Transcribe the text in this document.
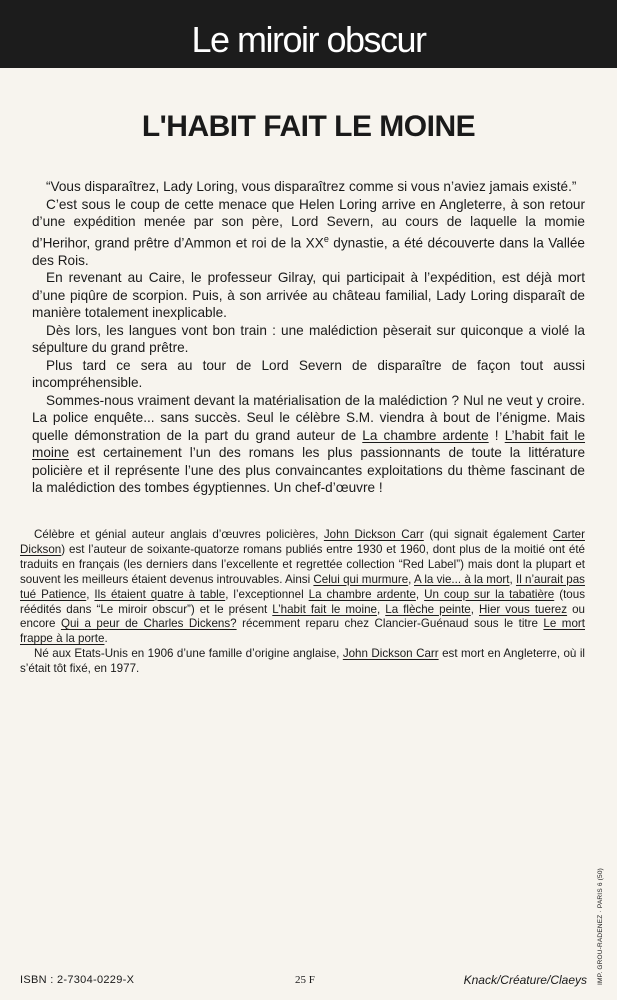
Le miroir obscur
L'HABIT FAIT LE MOINE

“Vous disparaîtrez, Lady Loring, vous disparaîtrez comme si vous n’aviez jamais existé.”

C’est sous le coup de cette menace que Helen Loring arrive en Angleterre, à son retour d’une expédition menée par son père, Lord Severn, au cours de laquelle la momie d’Herihor, grand prêtre d’Ammon et roi de la XXe dynastie, a été découverte dans la Vallée des Rois.

En revenant au Caire, le professeur Gilray, qui participait à l’expédition, est déjà mort d’une piqûre de scorpion. Puis, à son arrivée au château familial, Lady Loring disparaît de manière totalement inexplicable.

Dès lors, les langues vont bon train : une malédiction pèserait sur quiconque a violé la sépulture du grand prêtre.

Plus tard ce sera au tour de Lord Severn de disparaître de façon tout aussi incompréhensible.

Sommes-nous vraiment devant la matérialisation de la malédiction ? Nul ne veut y croire. La police enquête... sans succès. Seul le célèbre S.M. viendra à bout de l’énigme. Mais quelle démonstration de la part du grand auteur de La chambre ardente ! L’habit fait le moine est certainement l’un des romans les plus passionnants de toute la littérature policière et il représente l’une des plus convaincantes exploitations du thème fascinant de la malédiction des tombes égyptiennes. Un chef-d’œuvre !

Célèbre et génial auteur anglais d’œuvres policières, John Dickson Carr (qui signait également Carter Dickson) est l’auteur de soixante-quatorze romans publiés entre 1930 et 1960, dont plus de la moitié ont été traduits en français (les derniers dans l’excellente et regrettée collection “Red Label”) mais dont la plupart et souvent les meilleurs étaient devenus introuvables. Ainsi Celui qui murmure, A la vie... à la mort, Il n’aurait pas tué Patience, Ils étaient quatre à table, l’exceptionnel La chambre ardente, Un coup sur la tabatière (tous réédités dans “Le miroir obscur”) et le présent L’habit fait le moine, La flèche peinte, Hier vous tuerez ou encore Qui a peur de Charles Dickens? récemment reparu chez Clancier-Guénaud sous le titre Le mort frappe à la porte.

Né aux Etats-Unis en 1906 d’une famille d’origine anglaise, John Dickson Carr est mort en Angleterre, où il s’était tôt fixé, en 1977.

IMP. GROU-RADENEZ · PARIS 6 (50)
ISBN : 2-7304-0229-X	25 F	Knack/Créature/Claeys
